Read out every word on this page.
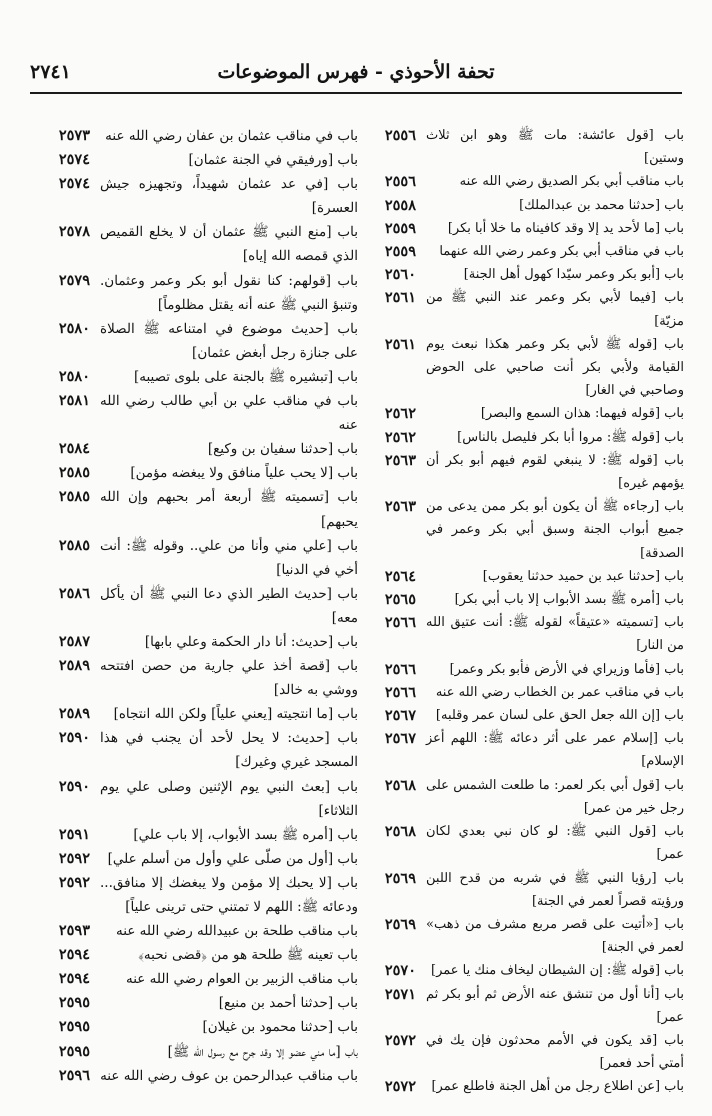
تحفة الأحوذي - فهرس الموضوعات
٢٧٤١
٢٥٥٦ باب [قول عائشة: مات ﷺ وهو ابن ثلاث وستين]
٢٥٥٦	باب مناقب أبي بكر الصديق رضي الله عنه
٢٥٥٨	باب [حدثنا محمد بن عبدالملك]
٢٥٥٩	باب [ما لأحد يد إلا وقد كافيناه ما خلا أبا بكر]
٢٥٥٩	باب في مناقب أبي بكر وعمر رضي الله عنهما
٢٥٦٠	باب [أبو بكر وعمر سيّدا كهول أهل الجنة]
٢٥٦١ باب [فيما لأبي بكر وعمر عند النبي ﷺ من مزيّة]
٢٥٦١ باب [قوله ﷺ لأبي بكر وعمر هكذا نبعث يوم القيامة ولأبي بكر أنت صاحبي على الحوض وصاحبي في الغار]
٢٥٦٢	باب [قوله فيهما: هذان السمع والبصر]
٢٥٦٢	باب [قوله ﷺ: مروا أبا بكر فليصل بالناس]
٢٥٦٣ باب [قوله ﷺ: لا ينبغي لقوم فيهم أبو بكر أن يؤمهم غيره]
٢٥٦٣ باب [رجاءه ﷺ أن يكون أبو بكر ممن يدعى من جميع أبواب الجنة وسبق أبي بكر وعمر في الصدقة]
٢٥٦٤	باب [حدثنا عبد بن حميد حدثنا يعقوب]
٢٥٦٥	باب [أمره ﷺ بسد الأبواب إلا باب أبي بكر]
٢٥٦٦ باب [تسميته «عتيقاً» لقوله ﷺ: أنت عتيق الله من النار]
٢٥٦٦	باب [فأما وزيراي في الأرض فأبو بكر وعمر]
٢٥٦٦	باب في مناقب عمر بن الخطاب رضي الله عنه
٢٥٦٧	باب [إن الله جعل الحق على لسان عمر وقلبه]
٢٥٦٧ باب [إسلام عمر على أثر دعائه ﷺ: اللهم أعز الإسلام]
٢٥٦٨ باب [قول أبي بكر لعمر: ما طلعت الشمس على رجل خير من عمر]
٢٥٦٨ باب [قول النبي ﷺ: لو كان نبي بعدي لكان عمر]
٢٥٦٩ باب [رؤيا النبي ﷺ في شربه من قدح اللبن ورؤيته قصراً لعمر في الجنة]
٢٥٦٩ باب [«أتيت على قصر مربع مشرف من ذهب» لعمر في الجنة]
٢٥٧٠	باب [قوله ﷺ: إن الشيطان ليخاف منك يا عمر]
٢٥٧١ باب [أنا أول من تنشق عنه الأرض ثم أبو بكر ثم عمر]
٢٥٧٢ باب [قد يكون في الأمم محدثون فإن يك في أمتي أحد فعمر]
٢٥٧٢	باب [عن اطلاع رجل من أهل الجنة فاطلع عمر]
٢٥٧٣	باب في مناقب عثمان بن عفان رضي الله عنه
٢٥٧٤	باب [ورفيقي في الجنة عثمان]
٢٥٧٤ باب [في عد عثمان شهيداً، وتجهيزه جيش العسرة]
٢٥٧٨ باب [منع النبي ﷺ عثمان أن لا يخلع القميص الذي قمصه الله إياه]
٢٥٧٩ باب [قولهم: كنا نقول أبو بكر وعمر وعثمان. وتنبؤ النبي ﷺ عنه أنه يقتل مظلوماً]
٢٥٨٠ باب [حديث موضوع في امتناعه ﷺ الصلاة على جنازة رجل أبغض عثمان]
٢٥٨٠	باب [تبشيره ﷺ بالجنة على بلوى تصيبه]
٢٥٨١ باب في مناقب علي بن أبي طالب رضي الله عنه
٢٥٨٤	باب [حدثنا سفيان بن وكيع]
٢٥٨٥	باب [لا يحب علياً منافق ولا يبغضه مؤمن]
٢٥٨٥ باب [تسميته ﷺ أربعة أمر بحبهم وإن الله يحبهم]
٢٥٨٥ باب [علي مني وأنا من علي.. وقوله ﷺ: أنت أخي في الدنيا]
٢٥٨٦ باب [حديث الطير الذي دعا النبي ﷺ أن يأكل معه]
٢٥٨٧	باب [حديث: أنا دار الحكمة وعلي بابها]
٢٥٨٩ باب [قصة أخذ علي جارية من حصن افتتحه ووشي به خالد]
٢٥٨٩	باب [ما انتجيته [يعني علياً] ولكن الله انتجاه]
٢٥٩٠ باب [حديث: لا يحل لأحد أن يجنب في هذا المسجد غيري وغيرك]
٢٥٩٠ باب [بعث النبي يوم الإثنين وصلى علي يوم الثلاثاء]
٢٥٩١	باب [أمره ﷺ بسد الأبواب، إلا باب علي]
٢٥٩٢	باب [أول من صلّى علي وأول من أسلم علي]
٢٥٩٢ باب [لا يحبك إلا مؤمن ولا يبغضك إلا منافق... ودعائه ﷺ: اللهم لا تمتني حتى ترينى علياً]
٢٥٩٣	باب مناقب طلحة بن عبيدالله رضي الله عنه
٢٥٩٤	باب تعينه ﷺ طلحة هو من ﴿قضى نحبه﴾
٢٥٩٤	باب مناقب الزبير بن العوام رضي الله عنه
٢٥٩٥	باب [حدثنا أحمد بن منيع]
٢٥٩٥	باب [حدثنا محمود بن غيلان]
٢٥٩٥	باب [ما مني عضو إلا وقد جرح مع رسول الله ﷺ]
٢٥٩٦ باب مناقب عبدالرحمن بن عوف رضي الله عنه
